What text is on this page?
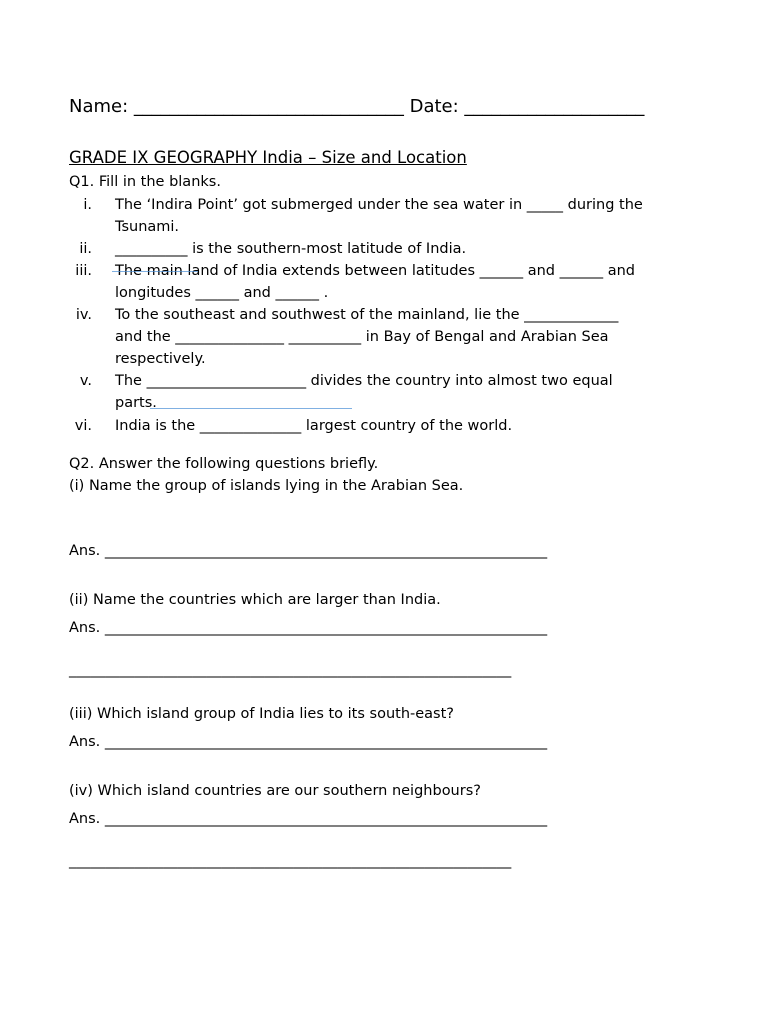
Name: ______________________________ Date: ____________________
GRADE IX GEOGRAPHY India – Size and Location
Q1. Fill in the blanks.
i. The ‘Indira Point’ got submerged under the sea water in _____ during the
Tsunami.
ii. __________ is the southern-most latitude of India.
iii. The main land of India extends between latitudes ______ and ______ and
longitudes ______ and ______ .
iv. To the southeast and southwest of the mainland, lie the _____________
and the _______________ __________ in Bay of Bengal and Arabian Sea
respectively.
v. The ______________________ divides the country into almost two equal
parts.
vi. India is the ______________ largest country of the world.
Q2. Answer the following questions briefly.
(i) Name the group of islands lying in the Arabian Sea.
Ans. _____________________________________________________________
(ii) Name the countries which are larger than India.
Ans. _____________________________________________________________
_____________________________________________________________
(iii) Which island group of India lies to its south-east?
Ans. _____________________________________________________________
(iv) Which island countries are our southern neighbours?
Ans. _____________________________________________________________
_____________________________________________________________
